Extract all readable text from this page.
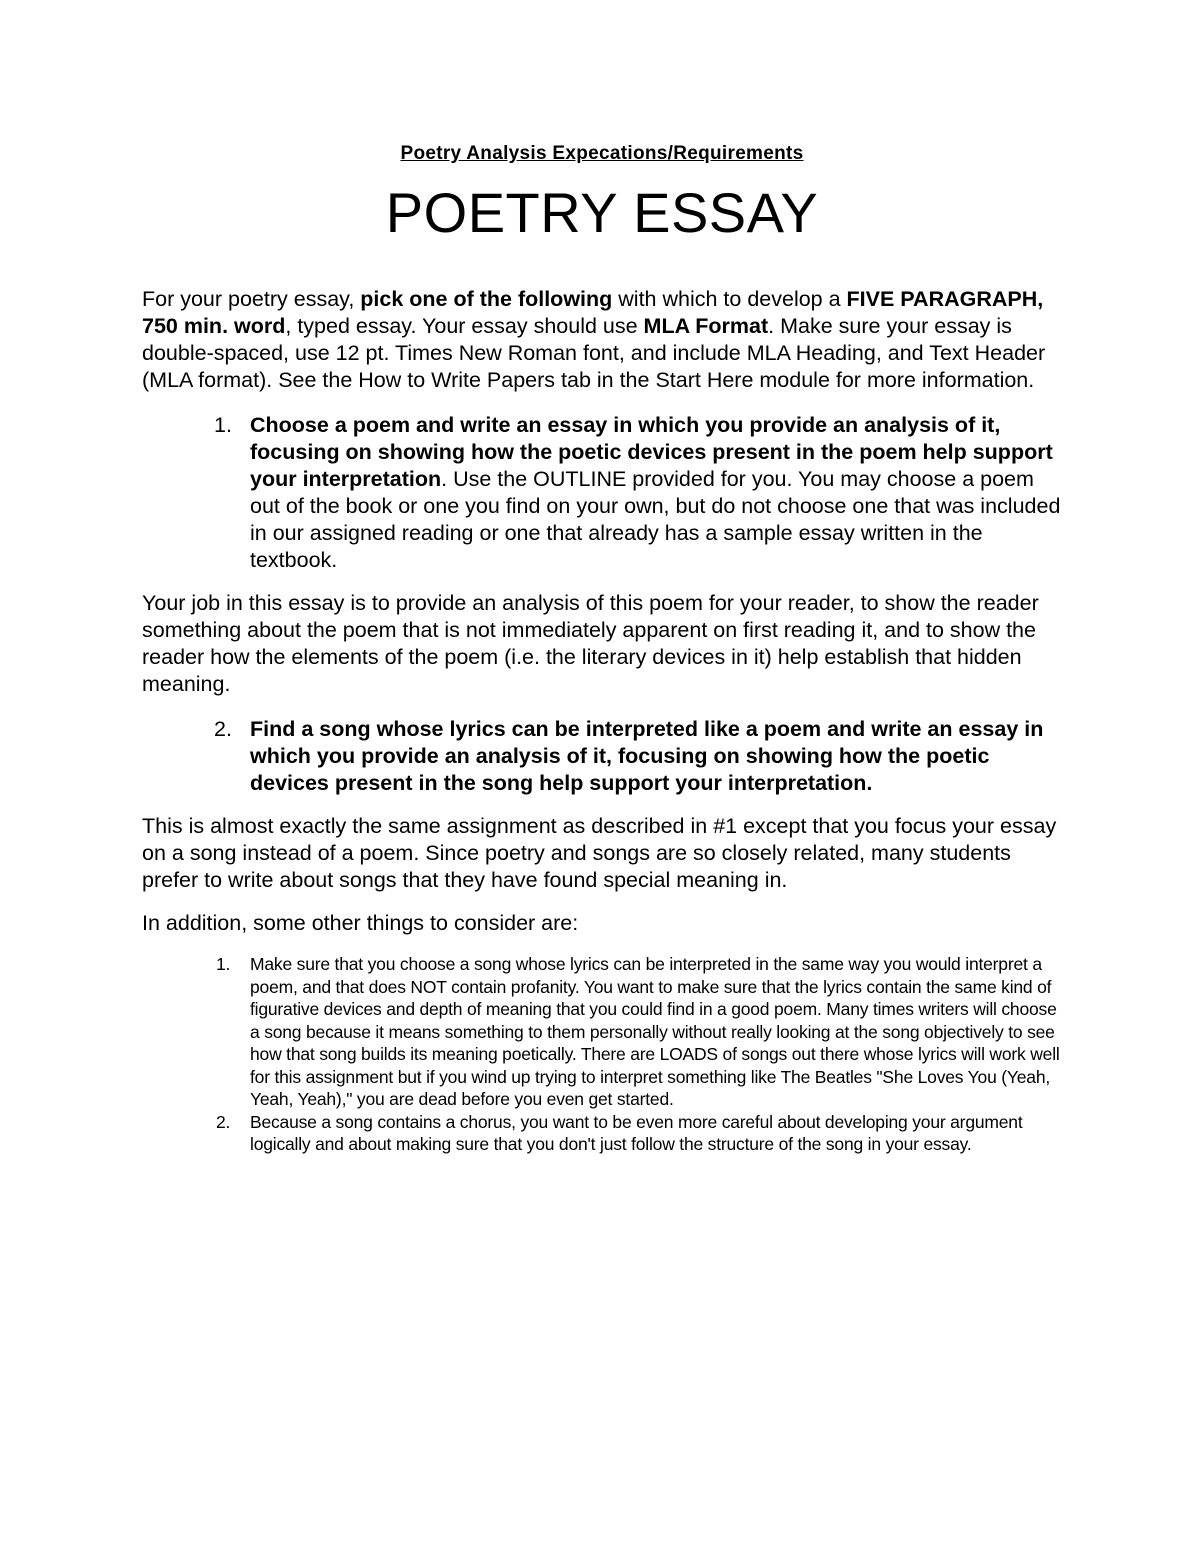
Poetry Analysis Expecations/Requirements

POETRY ESSAY

For your poetry essay, pick one of the following with which to develop a FIVE PARAGRAPH, 750 min. word, typed essay. Your essay should use MLA Format. Make sure your essay is double-spaced, use 12 pt. Times New Roman font, and include MLA Heading, and Text Header (MLA format). See the How to Write Papers tab in the Start Here module for more information.

1. Choose a poem and write an essay in which you provide an analysis of it, focusing on showing how the poetic devices present in the poem help support your interpretation. Use the OUTLINE provided for you. You may choose a poem out of the book or one you find on your own, but do not choose one that was included in our assigned reading or one that already has a sample essay written in the textbook.

Your job in this essay is to provide an analysis of this poem for your reader, to show the reader something about the poem that is not immediately apparent on first reading it, and to show the reader how the elements of the poem (i.e. the literary devices in it) help establish that hidden meaning.

2. Find a song whose lyrics can be interpreted like a poem and write an essay in which you provide an analysis of it, focusing on showing how the poetic devices present in the song help support your interpretation.

This is almost exactly the same assignment as described in #1 except that you focus your essay on a song instead of a poem. Since poetry and songs are so closely related, many students prefer to write about songs that they have found special meaning in.

In addition, some other things to consider are:

1. Make sure that you choose a song whose lyrics can be interpreted in the same way you would interpret a poem, and that does NOT contain profanity. You want to make sure that the lyrics contain the same kind of figurative devices and depth of meaning that you could find in a good poem. Many times writers will choose a song because it means something to them personally without really looking at the song objectively to see how that song builds its meaning poetically. There are LOADS of songs out there whose lyrics will work well for this assignment but if you wind up trying to interpret something like The Beatles "She Loves You (Yeah, Yeah, Yeah)," you are dead before you even get started.
2. Because a song contains a chorus, you want to be even more careful about developing your argument logically and about making sure that you don't just follow the structure of the song in your essay.
